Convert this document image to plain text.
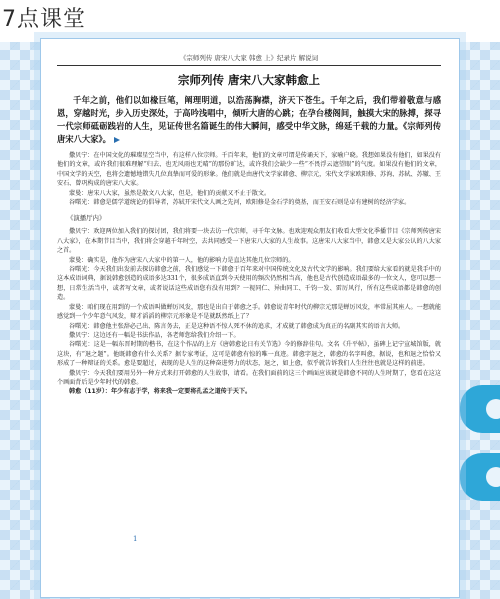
7点课堂
《宗师列传 唐宋八大家 韩愈 上》纪录片 解说词
宗师列传 唐宋八大家韩愈上
千年之前，他们以如椽巨笔，阐理明道，以浩荡胸襟，济天下苍生。千年之后，我们带着敬意与感恩，穿越时光，步入历史深处，于高吟浅唱中，倾听大唐的心跳；在孕台楼阁间，触摸大宋的脉搏，探寻一代宗师砥砺践岩的人生，见证传世名篇诞生的伟大瞬间，感受中华文脉，绵延千载的力量。《宗师列传唐宋八大家》。

撒贝宁：在中国文化的璀璨星空当中，有这样八位宗师。千百年来，他们的文章可谓是传诵天下，家喻户晓。我想如果没有他们，如果没有他们的文章，或许我们很难理解“归去、也无风雨也无晴”的那份旷达，或许我们会缺少一些“不畏浮云遮望眼”的气度。如果没有他们的文章，中国文学的天空，也将会遗憾地错失几位真挚而可爱的形象。他们就是由唐代文学家韩愈、柳宗元，宋代文学家欧阳修、苏洵、苏轼、苏辙、王安石、曾巩构成的唐宋八大家。

蒙曼：唐宋八大家，虽然是散文八大家，但是，他们的贡献又不止于散文。

谷曙光：韩愈是儒学道统论的倡导者，苏轼开宋代文人画之先河，欧阳修是金石学的奠基，而王安石则是卓有建树的经济学家。

《演播厅内》

撒贝宁：欢迎两位加入我们的探讨团，我们将要一块去访一代宗师，寻千年文脉。也欢迎观众朋友们收看大型文化季播节目《宗师列传唐宋八大家》，在本期节目当中，我们将会穿越千年时空，去共同感受一下唐宋八大家的人生故事。这唐宋八大家当中，韩愈又是大家公认的八大家之首。

蒙曼：确实是，他作为唐宋八大家中的第一人，他的影响力是直达其他几位宗师的。

谷曙光：今天我们出发前去探访韩愈之前，我们感觉一下韩愈于百年来对中国传统文化及古代文学的影响。我们要给大家看的就是我手中的这本成语词典，据说韩愈创造的成语多达331个，很多成语直到今天使用的频次仍然相当高，他也是古代创造成语最多的一位文人，您可以想一想，日常生活当中，或者写文章，或者说话这些成语您有没有用到？一视同仁、异曲同工、千钧一发、雷厉风行，所有这些成语都是韩愈的创造。

蒙曼：咱们现在用到的一个成语叫做蝉厉风发，那也是出自于韩愈之手。韩愈说青年时代的柳宗元那是蝉厉风发，率常屈其座人。一想就能感觉到一个少年意气风发，辩才滔滔的柳宗元形象是不是就跃然纸上了？

谷曙光：韩愈他主张辞必己出、陈言务去，正是这种语不惊人死不休的追求，才成就了韩愈成为真正的名副其实的语言大师。

撒贝宁：这边还有一幅是书法作品，各老师您给我们介绍一下。

谷曙光：这是一幅东晋时期的楷书，在这个作品的上方《唐韩愈论日有关节选》今的修辞佳句。文名《升平帖》，虽碑上记宁宣城馆版，就这块，有“退之题”。他既韩愈有什么关系？据专家考证，这可是韩愈有惊的唯一真迹。韩愈字退之，韩愈的名字叫愈，据说，也和退之恰恰又形成了一种辩证的关系。愈是要超过，表现的是人生的这种奋进努力的状态，退之，如上愈，似乎就告诉我们人生往往也就是这样的前进。

撒贝宁：今天我们要用另外一种方式来打开韩愈的人生故事，请看。在我们面前的这三个画面应该就是韩愈不同的人生时期了，您看在这这个画面背后是少年时代的韩愈。

韩愈（11岁）：年少有志于学，将来我一定要将孔孟之道传于天下。

1
